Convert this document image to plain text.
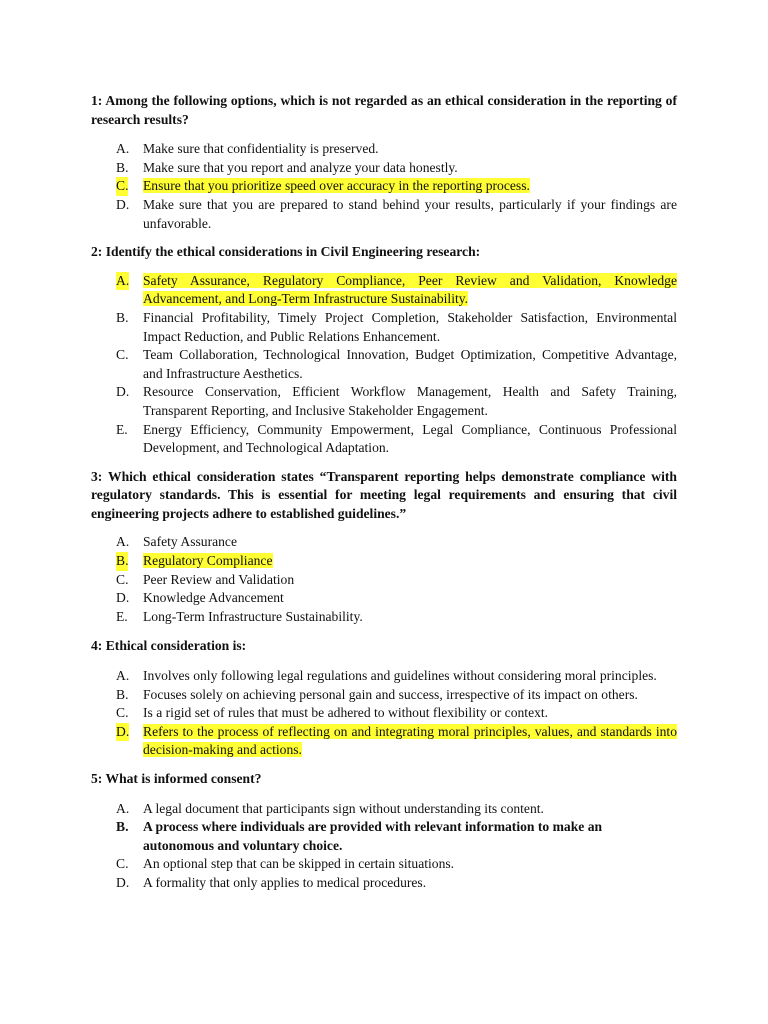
1: Among the following options, which is not regarded as an ethical consideration in the reporting of research results?

A. Make sure that confidentiality is preserved.
B. Make sure that you report and analyze your data honestly.
C. Ensure that you prioritize speed over accuracy in the reporting process.
D. Make sure that you are prepared to stand behind your results, particularly if your findings are unfavorable.

2: Identify the ethical considerations in Civil Engineering research:

A. Safety Assurance, Regulatory Compliance, Peer Review and Validation, Knowledge Advancement, and Long-Term Infrastructure Sustainability.
B. Financial Profitability, Timely Project Completion, Stakeholder Satisfaction, Environmental Impact Reduction, and Public Relations Enhancement.
C. Team Collaboration, Technological Innovation, Budget Optimization, Competitive Advantage, and Infrastructure Aesthetics.
D. Resource Conservation, Efficient Workflow Management, Health and Safety Training, Transparent Reporting, and Inclusive Stakeholder Engagement.
E. Energy Efficiency, Community Empowerment, Legal Compliance, Continuous Professional Development, and Technological Adaptation.

3: Which ethical consideration states “Transparent reporting helps demonstrate compliance with regulatory standards. This is essential for meeting legal requirements and ensuring that civil engineering projects adhere to established guidelines.”

A. Safety Assurance
B. Regulatory Compliance
C. Peer Review and Validation
D. Knowledge Advancement
E. Long-Term Infrastructure Sustainability.

4: Ethical consideration is:

A. Involves only following legal regulations and guidelines without considering moral principles.
B. Focuses solely on achieving personal gain and success, irrespective of its impact on others.
C. Is a rigid set of rules that must be adhered to without flexibility or context.
D. Refers to the process of reflecting on and integrating moral principles, values, and standards into decision-making and actions.

5: What is informed consent?

A. A legal document that participants sign without understanding its content.
B. A process where individuals are provided with relevant information to make an autonomous and voluntary choice.
C. An optional step that can be skipped in certain situations.
D. A formality that only applies to medical procedures.
